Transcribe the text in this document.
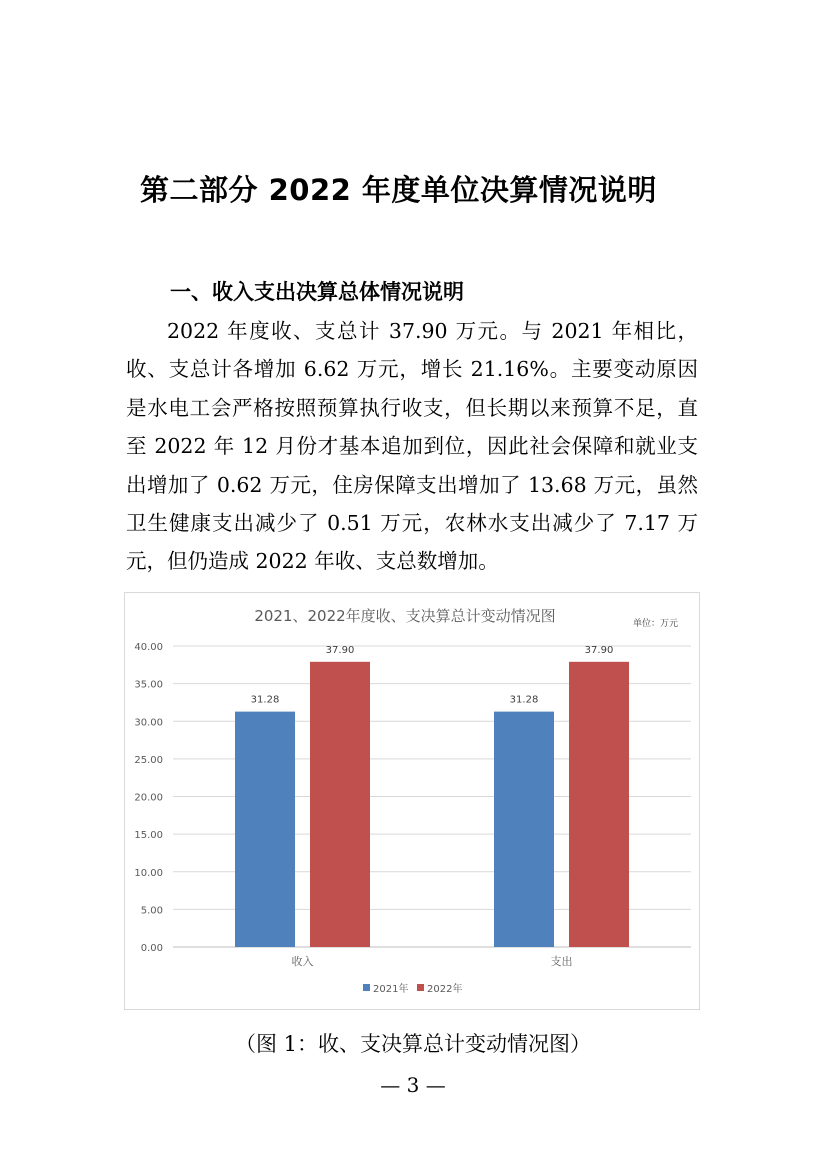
第二部分 2022 年度单位决算情况说明
一、收入支出决算总体情况说明
2022 年度收、支总计 37.90 万元。与 2021 年相比，收、支总计各增加 6.62 万元，增长 21.16%。主要变动原因是水电工会严格按照预算执行收支，但长期以来预算不足，直至 2022 年 12 月份才基本追加到位，因此社会保障和就业支出增加了 0.62 万元，住房保障支出增加了 13.68 万元，虽然卫生健康支出减少了 0.51 万元，农林水支出减少了 7.17 万元，但仍造成 2022 年收、支总数增加。
2021、2022年度收、支决算总计变动情况图	单位：万元
0.00
5.00
10.00
15.00
20.00
25.00
30.00
35.00
40.00
31.28
37.90
31.28
37.90
收入	支出
2021年 2022年
（图 1：收、支决算总计变动情况图）
— 3 —
